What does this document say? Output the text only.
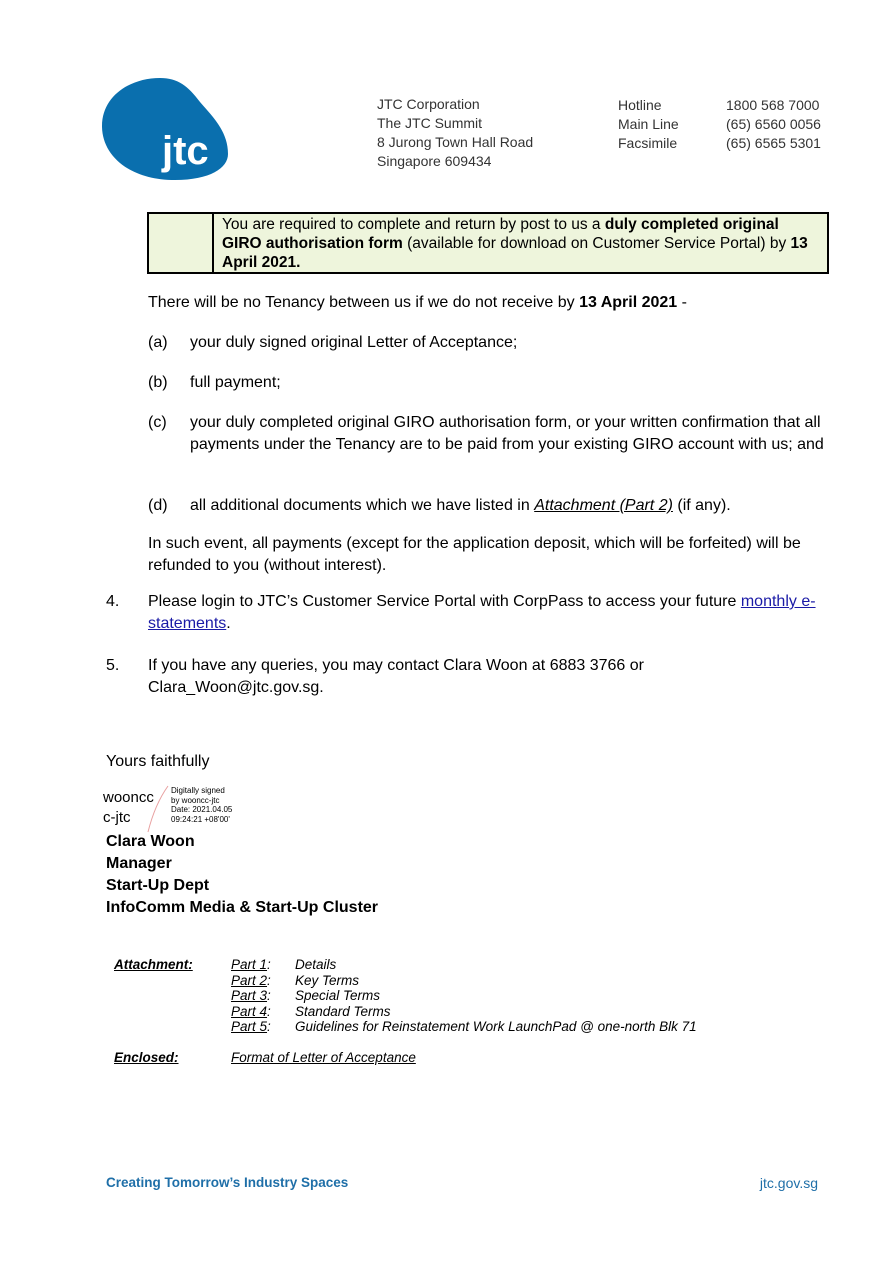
jtc
JTC Corporation
The JTC Summit
8 Jurong Town Hall Road
Singapore 609434
Hotline	1800 568 7000
Main Line	(65) 6560 0056
Facsimile	(65) 6565 5301
You are required to complete and return by post to us a duly completed original GIRO authorisation form (available for download on Customer Service Portal) by 13 April 2021.
There will be no Tenancy between us if we do not receive by 13 April 2021 -
(a)	your duly signed original Letter of Acceptance;
(b)	full payment;
(c)	your duly completed original GIRO authorisation form, or your written confirmation that all payments under the Tenancy are to be paid from your existing GIRO account with us; and
(d)	all additional documents which we have listed in Attachment (Part 2) (if any).
In such event, all payments (except for the application deposit, which will be forfeited) will be refunded to you (without interest).
4.	Please login to JTC’s Customer Service Portal with CorpPass to access your future monthly e-statements.
5.	If you have any queries, you may contact Clara Woon at 6883 3766 or Clara_Woon@jtc.gov.sg.
Yours faithfully
wooncc
c-jtc
Digitally signed
by wooncc-jtc
Date: 2021.04.05
09:24:21 +08'00'
Clara Woon
Manager
Start-Up Dept
InfoComm Media & Start-Up Cluster
Attachment:	Part 1:	Details
Part 2:	Key Terms
Part 3:	Special Terms
Part 4:	Standard Terms
Part 5:	Guidelines for Reinstatement Work LaunchPad @ one-north Blk 71
Enclosed:	Format of Letter of Acceptance
Creating Tomorrow’s Industry Spaces	jtc.gov.sg
